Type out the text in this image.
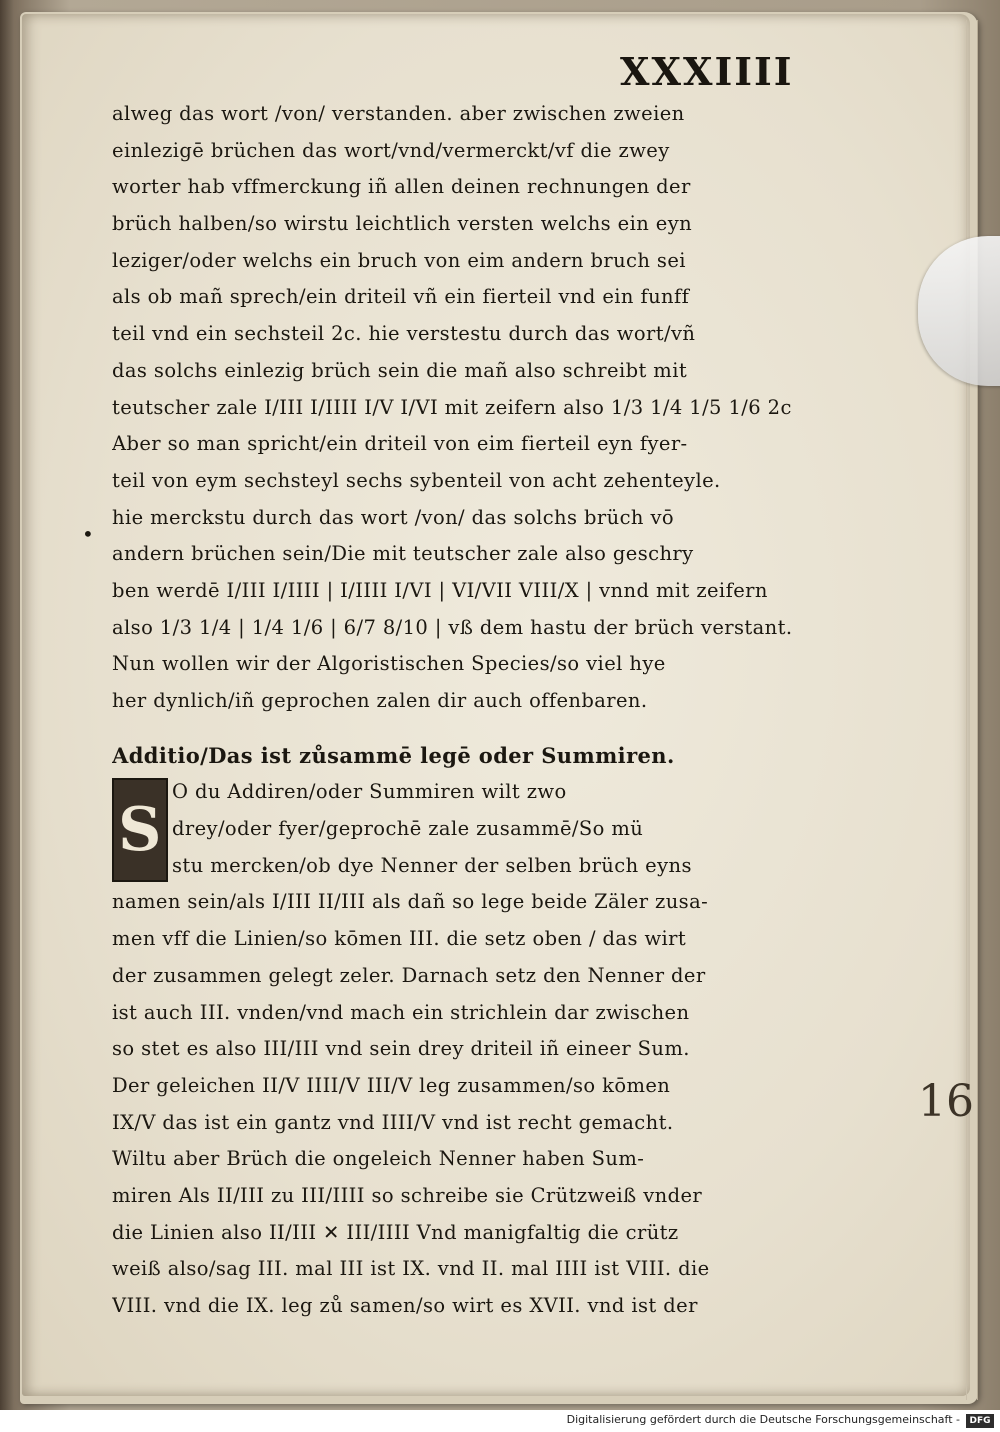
XXXIIII
alweg das wort /von/ verstanden. aber zwischen zweien
einlezigē brüchen das wort/vnd/vermerckt/vf die zwey
worter hab vffmerckung iñ allen deinen rechnungen der
brüch halben/so wirstu leichtlich versten welchs ein eyn
leziger/oder welchs ein bruch von eim andern bruch sei
als ob mañ sprech/ein driteil vñ ein fierteil vnd ein funff
teil vnd ein sechsteil 2c. hie verstestu durch das wort/vñ
das solchs einlezig brüch sein die mañ also schreibt mit
teutscher zale I/III I/IIII I/V I/VI mit zeifern also 1/3 1/4 1/5 1/6 2c
Aber so man spricht/ein driteil von eim fierteil eyn fyer-
teil von eym sechsteyl sechs sybenteil von acht zehenteyle.
hie merckstu durch das wort /von/ das solchs brüch vō
andern brüchen sein/Die mit teutscher zale also geschry
ben werdē I/III I/IIII | I/IIII I/VI | VI/VII VIII/X | vnnd mit zeifern
also 1/3 1/4 | 1/4 1/6 | 6/7 8/10 | vß dem hastu der brüch verstant.
Nun wollen wir der Algoristischen Species/so viel hye
her dynlich/iñ geprochen zalen dir auch offenbaren.
Additio/Das ist zůsammē legē oder Summiren.
S
O du Addiren/oder Summiren wilt zwo
drey/oder fyer/geprochē zale zusammē/So mü
stu mercken/ob dye Nenner der selben brüch eyns
namen sein/als I/III II/III als dañ so lege beide Zäler zusa-
men vff die Linien/so kōmen III. die setz oben / das wirt
der zusammen gelegt zeler. Darnach setz den Nenner der
ist auch III. vnden/vnd mach ein strichlein dar zwischen
so stet es also III/III vnd sein drey driteil iñ eineer Sum.
Der geleichen II/V IIII/V III/V leg zusammen/so kōmen
IX/V das ist ein gantz vnd IIII/V vnd ist recht gemacht.
Wiltu aber Brüch die ongeleich Nenner haben Sum-
miren Als II/III zu III/IIII so schreibe sie Crützweiß vnder
die Linien also II/III ✕ III/IIII Vnd manigfaltig die crütz
weiß also/sag III. mal III ist IX. vnd II. mal IIII ist VIII. die
VIII. vnd die IX. leg zů samen/so wirt es XVII. vnd ist der
•
16
Digitalisierung gefördert durch die Deutsche Forschungsgemeinschaft -	DFG
